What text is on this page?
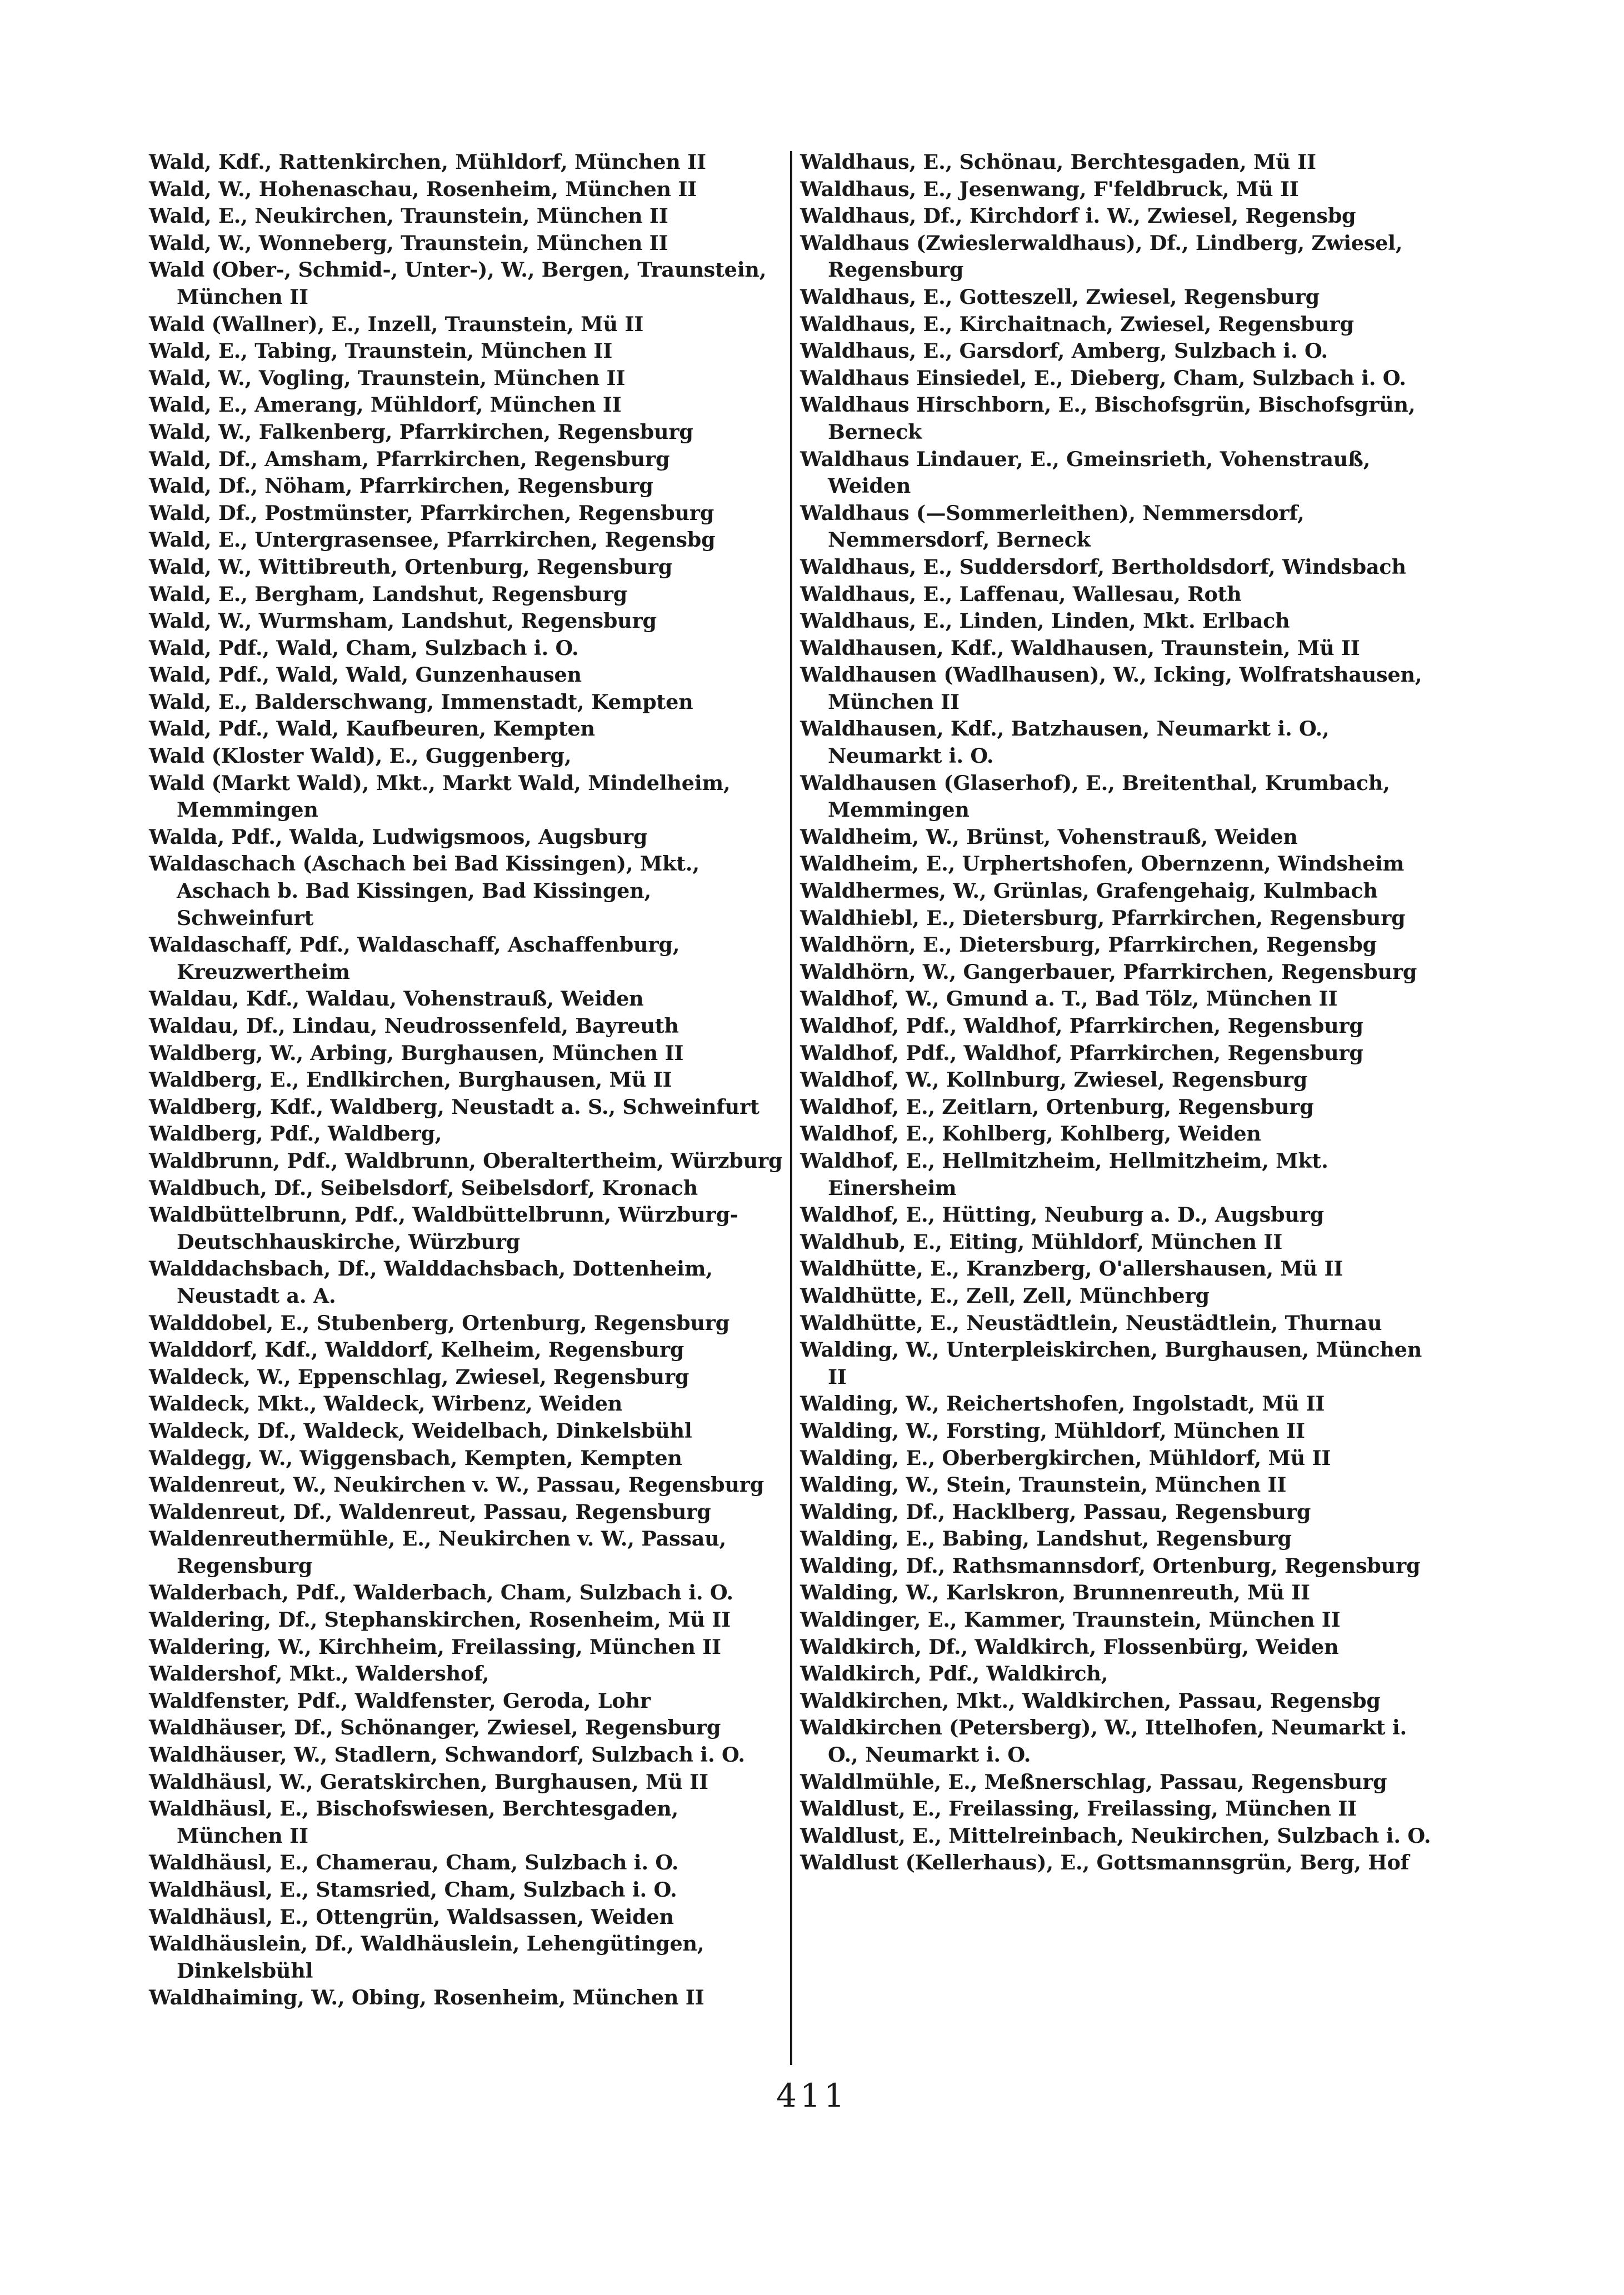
Wald, Kdf., Rattenkirchen, Mühldorf, München II
Wald, W., Hohenaschau, Rosenheim, München II
Wald, E., Neukirchen, Traunstein, München II
Wald, W., Wonneberg, Traunstein, München II
Wald (Ober-, Schmid-, Unter-), W., Bergen, Traunstein, München II
Wald (Wallner), E., Inzell, Traunstein, Mü II
Wald, E., Tabing, Traunstein, München II
Wald, W., Vogling, Traunstein, München II
Wald, E., Amerang, Mühldorf, München II
Wald, W., Falkenberg, Pfarrkirchen, Regensburg
Wald, Df., Amsham, Pfarrkirchen, Regensburg
Wald, Df., Nöham, Pfarrkirchen, Regensburg
Wald, Df., Postmünster, Pfarrkirchen, Regensburg
Wald, E., Untergrasensee, Pfarrkirchen, Regensbg
Wald, W., Wittibreuth, Ortenburg, Regensburg
Wald, E., Bergham, Landshut, Regensburg
Wald, W., Wurmsham, Landshut, Regensburg
Wald, Pdf., Wald, Cham, Sulzbach i. O.
Wald, Pdf., Wald, Wald, Gunzenhausen
Wald, E., Balderschwang, Immenstadt, Kempten
Wald, Pdf., Wald, Kaufbeuren, Kempten
Wald (Kloster Wald), E., Guggenberg,
Wald (Markt Wald), Mkt., Markt Wald, Mindelheim, Memmingen
Walda, Pdf., Walda, Ludwigsmoos, Augsburg
Waldaschach (Aschach bei Bad Kissingen), Mkt., Aschach b. Bad Kissingen, Bad Kissingen, Schweinfurt
Waldaschaff, Pdf., Waldaschaff, Aschaffenburg, Kreuzwertheim
Waldau, Kdf., Waldau, Vohenstrauß, Weiden
Waldau, Df., Lindau, Neudrossenfeld, Bayreuth
Waldberg, W., Arbing, Burghausen, München II
Waldberg, E., Endlkirchen, Burghausen, Mü II
Waldberg, Kdf., Waldberg, Neustadt a. S., Schweinfurt
Waldberg, Pdf., Waldberg,
Waldbrunn, Pdf., Waldbrunn, Oberaltertheim, Würzburg
Waldbuch, Df., Seibelsdorf, Seibelsdorf, Kronach
Waldbüttelbrunn, Pdf., Waldbüttelbrunn, Würzburg-Deutschhauskirche, Würzburg
Walddachsbach, Df., Walddachsbach, Dottenheim, Neustadt a. A.
Walddobel, E., Stubenberg, Ortenburg, Regensburg
Walddorf, Kdf., Walddorf, Kelheim, Regensburg
Waldeck, W., Eppenschlag, Zwiesel, Regensburg
Waldeck, Mkt., Waldeck, Wirbenz, Weiden
Waldeck, Df., Waldeck, Weidelbach, Dinkelsbühl
Waldegg, W., Wiggensbach, Kempten, Kempten
Waldenreut, W., Neukirchen v. W., Passau, Regensburg
Waldenreut, Df., Waldenreut, Passau, Regensburg
Waldenreuthermühle, E., Neukirchen v. W., Passau, Regensburg
Walderbach, Pdf., Walderbach, Cham, Sulzbach i. O.
Waldering, Df., Stephanskirchen, Rosenheim, Mü II
Waldering, W., Kirchheim, Freilassing, München II
Waldershof, Mkt., Waldershof,
Waldfenster, Pdf., Waldfenster, Geroda, Lohr
Waldhäuser, Df., Schönanger, Zwiesel, Regensburg
Waldhäuser, W., Stadlern, Schwandorf, Sulzbach i. O.
Waldhäusl, W., Geratskirchen, Burghausen, Mü II
Waldhäusl, E., Bischofswiesen, Berchtesgaden, München II
Waldhäusl, E., Chamerau, Cham, Sulzbach i. O.
Waldhäusl, E., Stamsried, Cham, Sulzbach i. O.
Waldhäusl, E., Ottengrün, Waldsassen, Weiden
Waldhäuslein, Df., Waldhäuslein, Lehengütingen, Dinkelsbühl
Waldhaiming, W., Obing, Rosenheim, München II
Waldhaus, E., Schönau, Berchtesgaden, Mü II
Waldhaus, E., Jesenwang, F'feldbruck, Mü II
Waldhaus, Df., Kirchdorf i. W., Zwiesel, Regensbg
Waldhaus (Zwieslerwaldhaus), Df., Lindberg, Zwiesel, Regensburg
Waldhaus, E., Gotteszell, Zwiesel, Regensburg
Waldhaus, E., Kirchaitnach, Zwiesel, Regensburg
Waldhaus, E., Garsdorf, Amberg, Sulzbach i. O.
Waldhaus Einsiedel, E., Dieberg, Cham, Sulzbach i. O.
Waldhaus Hirschborn, E., Bischofsgrün, Bischofsgrün, Berneck
Waldhaus Lindauer, E., Gmeinsrieth, Vohenstrauß, Weiden
Waldhaus (—Sommerleithen), Nemmersdorf, Nemmersdorf, Berneck
Waldhaus, E., Suddersdorf, Bertholdsdorf, Windsbach
Waldhaus, E., Laffenau, Wallesau, Roth
Waldhaus, E., Linden, Linden, Mkt. Erlbach
Waldhausen, Kdf., Waldhausen, Traunstein, Mü II
Waldhausen (Wadlhausen), W., Icking, Wolfratshausen, München II
Waldhausen, Kdf., Batzhausen, Neumarkt i. O., Neumarkt i. O.
Waldhausen (Glaserhof), E., Breitenthal, Krumbach, Memmingen
Waldheim, W., Brünst, Vohenstrauß, Weiden
Waldheim, E., Urphertshofen, Obernzenn, Windsheim
Waldhermes, W., Grünlas, Grafengehaig, Kulmbach
Waldhiebl, E., Dietersburg, Pfarrkirchen, Regensburg
Waldhörn, E., Dietersburg, Pfarrkirchen, Regensbg
Waldhörn, W., Gangerbauer, Pfarrkirchen, Regensburg
Waldhof, W., Gmund a. T., Bad Tölz, München II
Waldhof, Pdf., Waldhof, Pfarrkirchen, Regensburg
Waldhof, Pdf., Waldhof, Pfarrkirchen, Regensburg
Waldhof, W., Kollnburg, Zwiesel, Regensburg
Waldhof, E., Zeitlarn, Ortenburg, Regensburg
Waldhof, E., Kohlberg, Kohlberg, Weiden
Waldhof, E., Hellmitzheim, Hellmitzheim, Mkt. Einersheim
Waldhof, E., Hütting, Neuburg a. D., Augsburg
Waldhub, E., Eiting, Mühldorf, München II
Waldhütte, E., Kranzberg, O'allershausen, Mü II
Waldhütte, E., Zell, Zell, Münchberg
Waldhütte, E., Neustädtlein, Neustädtlein, Thurnau
Walding, W., Unterpleiskirchen, Burghausen, München II
Walding, W., Reichertshofen, Ingolstadt, Mü II
Walding, W., Forsting, Mühldorf, München II
Walding, E., Oberbergkirchen, Mühldorf, Mü II
Walding, W., Stein, Traunstein, München II
Walding, Df., Hacklberg, Passau, Regensburg
Walding, E., Babing, Landshut, Regensburg
Walding, Df., Rathsmannsdorf, Ortenburg, Regensburg
Walding, W., Karlskron, Brunnenreuth, Mü II
Waldinger, E., Kammer, Traunstein, München II
Waldkirch, Df., Waldkirch, Flossenbürg, Weiden
Waldkirch, Pdf., Waldkirch,
Waldkirchen, Mkt., Waldkirchen, Passau, Regensbg
Waldkirchen (Petersberg), W., Ittelhofen, Neumarkt i. O., Neumarkt i. O.
Waldlmühle, E., Meßnerschlag, Passau, Regensburg
Waldlust, E., Freilassing, Freilassing, München II
Waldlust, E., Mittelreinbach, Neukirchen, Sulzbach i. O.
Waldlust (Kellerhaus), E., Gottsmannsgrün, Berg, Hof
411
